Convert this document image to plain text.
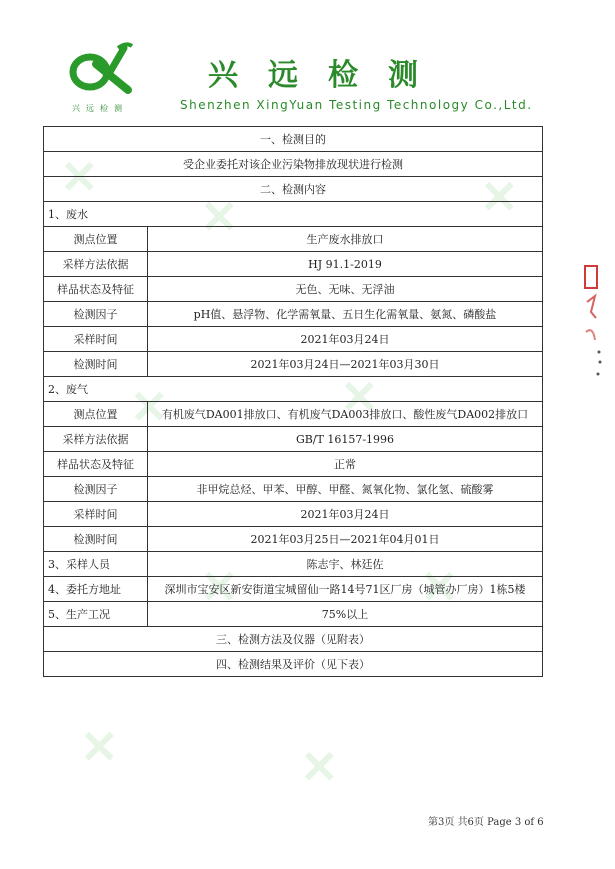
✕
✕	✕
✕	✕
✕	✕
✕	✕
兴远检测
兴远检测
Shenzhen XingYuan Testing Technology Co.,Ltd.
一、检测目的	
受企业委托对该企业污染物排放现状进行检测	
二、检测内容	
1、废水	
测点位置	生产废水排放口
采样方法依据	HJ 91.1-2019
样品状态及特征	无色、无味、无浮油
检测因子	pH值、悬浮物、化学需氧量、五日生化需氧量、氨氮、磷酸盐
采样时间	2021年03月24日
检测时间	2021年03月24日—2021年03月30日
2、废气	
测点位置	有机废气DA001排放口、有机废气DA003排放口、酸性废气DA002排放口
采样方法依据	GB/T 16157-1996
样品状态及特征	正常
检测因子	非甲烷总烃、甲苯、甲醇、甲醛、氮氧化物、氯化氢、硫酸雾
采样时间	2021年03月24日
检测时间	2021年03月25日—2021年04月01日
3、采样人员	陈志宇、林廷佐
4、委托方地址	深圳市宝安区新安街道宝城留仙一路14号71区厂房（城管办厂房）1栋5楼
5、生产工况	75%以上
三、检测方法及仪器（见附表）	
四、检测结果及评价（见下表）	
第3页 共6页 Page 3 of 6
